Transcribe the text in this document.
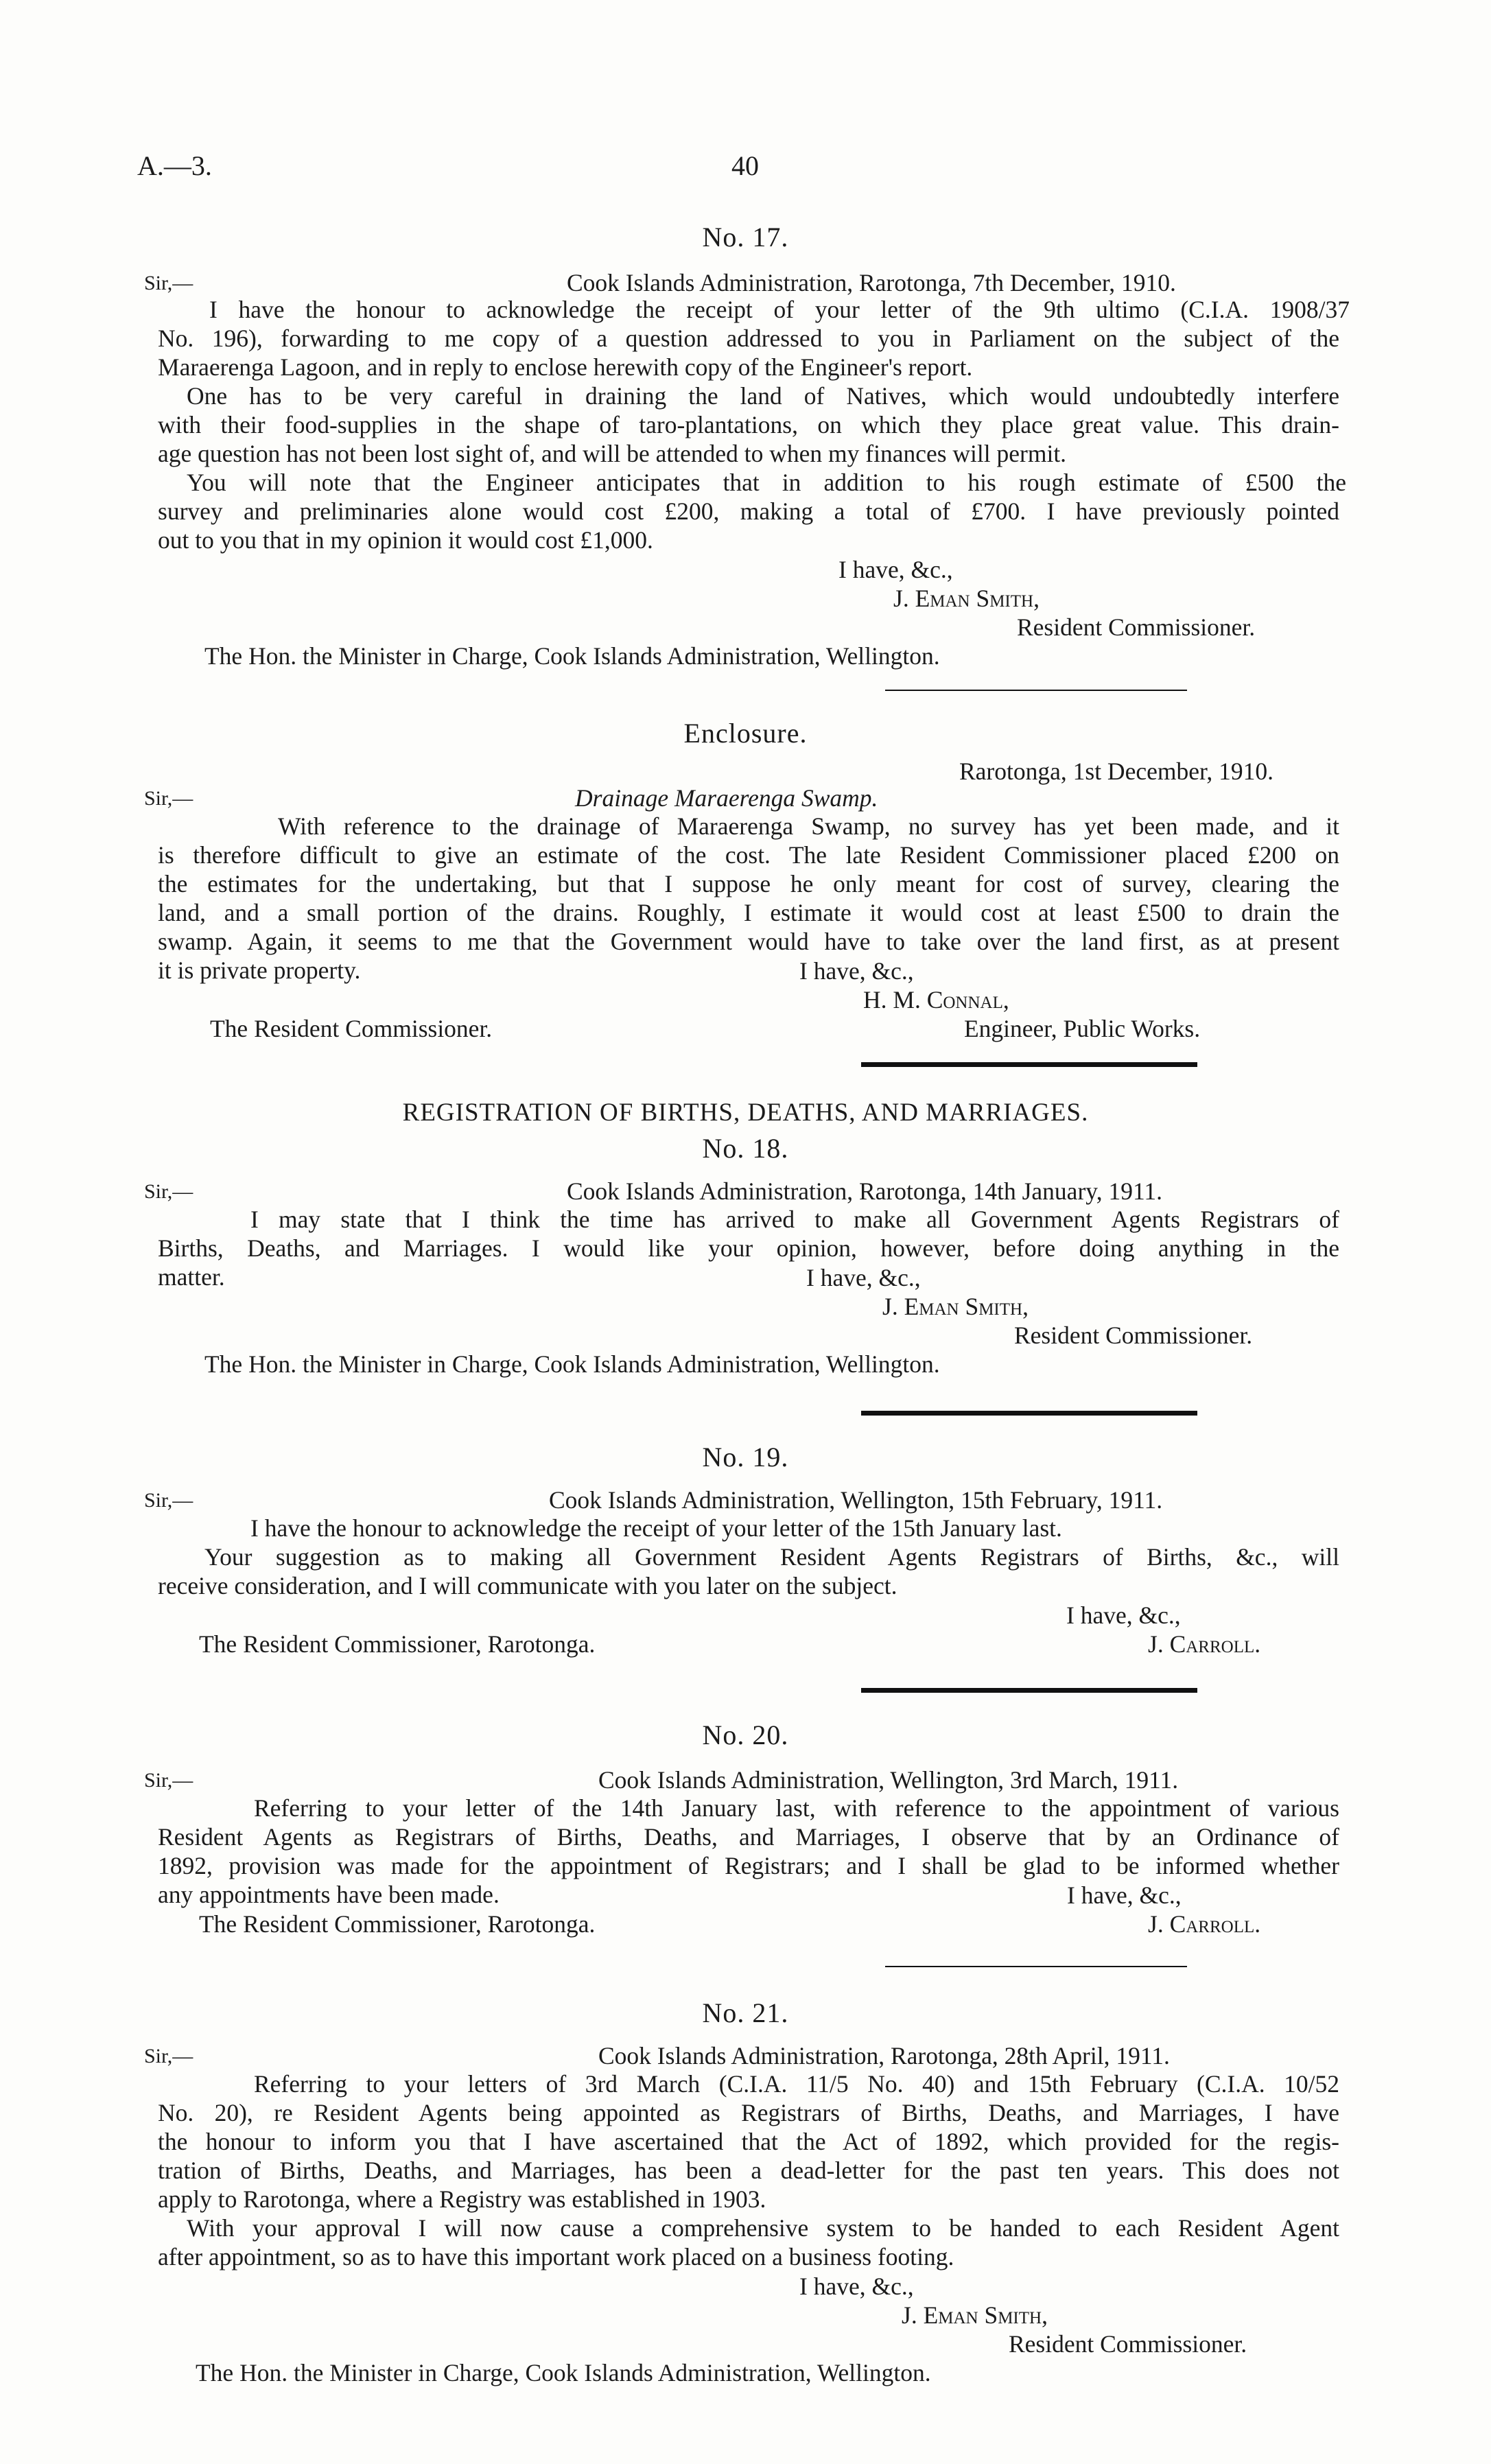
A.—3.	40
No. 17.
Sir,—	Cook Islands Administration, Rarotonga, 7th December, 1910.
I have the honour to acknowledge the receipt of your letter of the 9th ultimo (C.I.A. 1908/37
No. 196), forwarding to me copy of a question addressed to you in Parliament on the subject of the
Maraerenga Lagoon, and in reply to enclose herewith copy of the Engineer's report.
One has to be very careful in draining the land of Natives, which would undoubtedly interfere
with their food-supplies in the shape of taro-plantations, on which they place great value. This drain-
age question has not been lost sight of, and will be attended to when my finances will permit.
You will note that the Engineer anticipates that in addition to his rough estimate of £500 the
survey and preliminaries alone would cost £200, making a total of £700. I have previously pointed
out to you that in my opinion it would cost £1,000.
I have, &c.,
J. Eman Smith,
Resident Commissioner.
The Hon. the Minister in Charge, Cook Islands Administration, Wellington.
Enclosure.
Rarotonga, 1st December, 1910.
Sir,—	Drainage Maraerenga Swamp.
With reference to the drainage of Maraerenga Swamp, no survey has yet been made, and it
is therefore difficult to give an estimate of the cost. The late Resident Commissioner placed £200 on
the estimates for the undertaking, but that I suppose he only meant for cost of survey, clearing the
land, and a small portion of the drains. Roughly, I estimate it would cost at least £500 to drain the
swamp. Again, it seems to me that the Government would have to take over the land first, as at present
it is private property.	I have, &c.,
H. M. Connal,
The Resident Commissioner.	Engineer, Public Works.
REGISTRATION OF BIRTHS, DEATHS, AND MARRIAGES.
No. 18.
Sir,—	Cook Islands Administration, Rarotonga, 14th January, 1911.
I may state that I think the time has arrived to make all Government Agents Registrars of
Births, Deaths, and Marriages. I would like your opinion, however, before doing anything in the
matter.	I have, &c.,
J. Eman Smith,
Resident Commissioner.
The Hon. the Minister in Charge, Cook Islands Administration, Wellington.
No. 19.
Sir,—	Cook Islands Administration, Wellington, 15th February, 1911.
I have the honour to acknowledge the receipt of your letter of the 15th January last.
Your suggestion as to making all Government Resident Agents Registrars of Births, &c., will
receive consideration, and I will communicate with you later on the subject.
I have, &c.,
The Resident Commissioner, Rarotonga.	J. Carroll.
No. 20.
Sir,—	Cook Islands Administration, Wellington, 3rd March, 1911.
Referring to your letter of the 14th January last, with reference to the appointment of various
Resident Agents as Registrars of Births, Deaths, and Marriages, I observe that by an Ordinance of
1892, provision was made for the appointment of Registrars; and I shall be glad to be informed whether
any appointments have been made.	I have, &c.,
The Resident Commissioner, Rarotonga.	J. Carroll.
No. 21.
Sir,—	Cook Islands Administration, Rarotonga, 28th April, 1911.
Referring to your letters of 3rd March (C.I.A. 11/5 No. 40) and 15th February (C.I.A. 10/52
No. 20), re Resident Agents being appointed as Registrars of Births, Deaths, and Marriages, I have
the honour to inform you that I have ascertained that the Act of 1892, which provided for the regis-
tration of Births, Deaths, and Marriages, has been a dead-letter for the past ten years. This does not
apply to Rarotonga, where a Registry was established in 1903.
With your approval I will now cause a comprehensive system to be handed to each Resident Agent
after appointment, so as to have this important work placed on a business footing.
I have, &c.,
J. Eman Smith,
Resident Commissioner.
The Hon. the Minister in Charge, Cook Islands Administration, Wellington.
